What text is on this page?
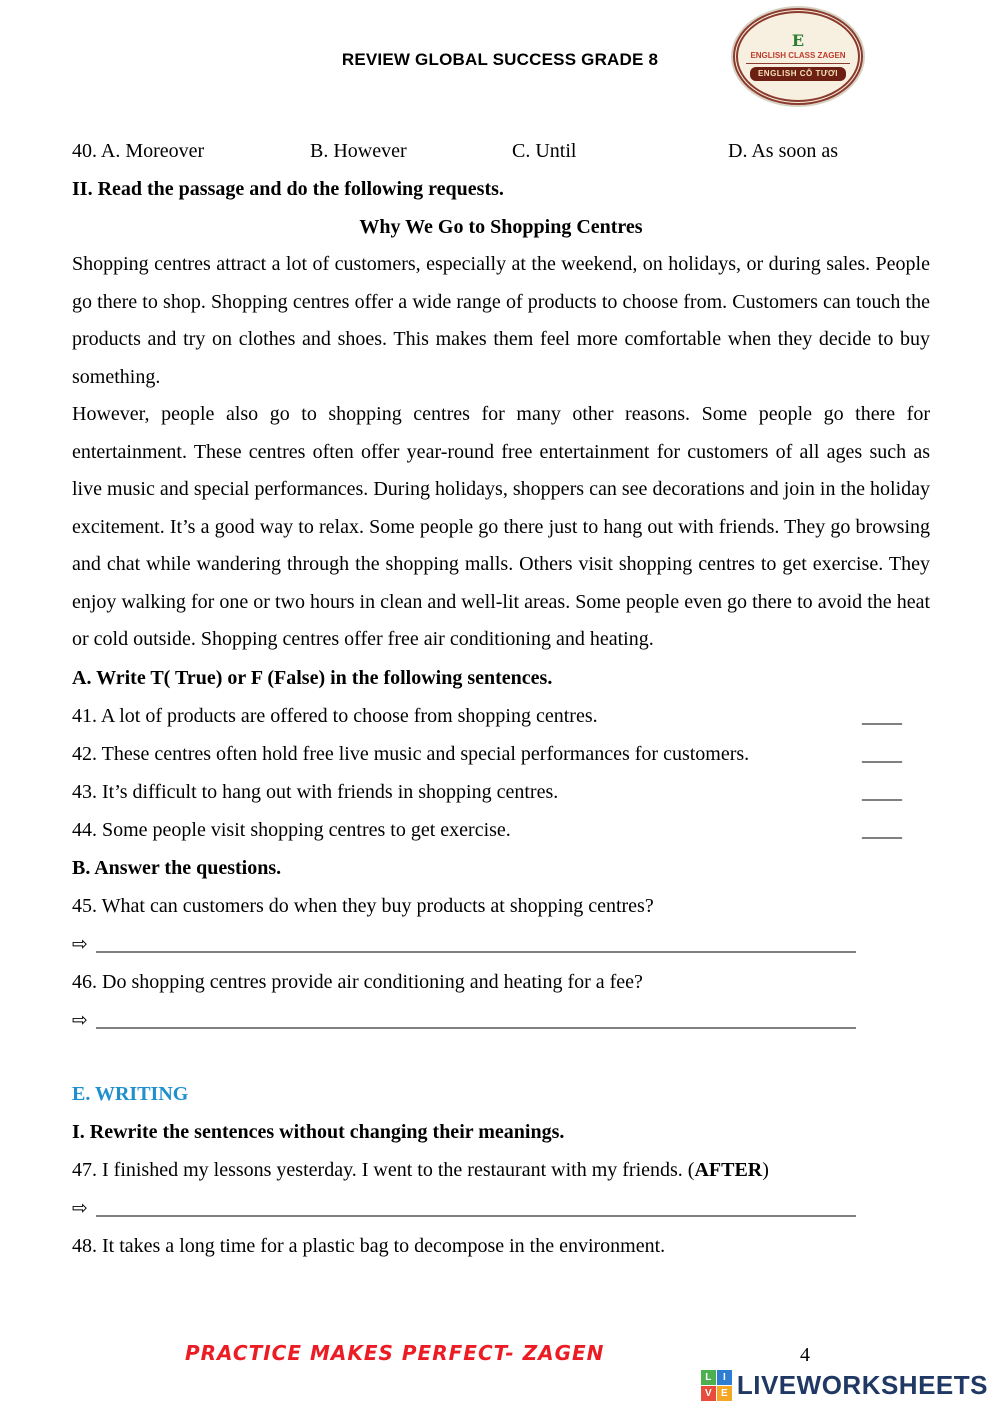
REVIEW GLOBAL SUCCESS GRADE 8
E
ENGLISH CLASS ZAGEN
ENGLISH CÔ TƯƠI
40. A. Moreover	B. However	C. Until	D. As soon as
II. Read the passage and do the following requests.
Why We Go to Shopping Centres

Shopping centres attract a lot of customers, especially at the weekend, on holidays, or during sales. People go there to shop. Shopping centres offer a wide range of products to choose from. Customers can touch the products and try on clothes and shoes. This makes them feel more comfortable when they decide to buy something.

However, people also go to shopping centres for many other reasons. Some people go there for entertainment. These centres often offer year-round free entertainment for customers of all ages such as live music and special performances. During holidays, shoppers can see decorations and join in the holiday excitement. It’s a good way to relax. Some people go there just to hang out with friends. They go browsing and chat while wandering through the shopping malls. Others visit shopping centres to get exercise. They enjoy walking for one or two hours in clean and well-lit areas. Some people even go there to avoid the heat or cold outside. Shopping centres offer free air conditioning and heating.

A. Write T( True) or F (False) in the following sentences.
41. A lot of products are offered to choose from shopping centres.	____
42. These centres often hold free live music and special performances for customers.	____
43. It’s difficult to hang out with friends in shopping centres.	____
44. Some people visit shopping centres to get exercise.	____
B. Answer the questions.
45. What can customers do when they buy products at shopping centres?
⇨ ____________________________________________________________________________
46. Do shopping centres provide air conditioning and heating for a fee?
⇨ ____________________________________________________________________________
E. WRITING
I. Rewrite the sentences without changing their meanings.
47. I finished my lessons yesterday. I went to the restaurant with my friends. (AFTER)
⇨ ____________________________________________________________________________
48. It takes a long time for a plastic bag to decompose in the environment.
PRACTICE MAKES PERFECT- ZAGEN	4
L	I
V E LIVEWORKSHEETS
